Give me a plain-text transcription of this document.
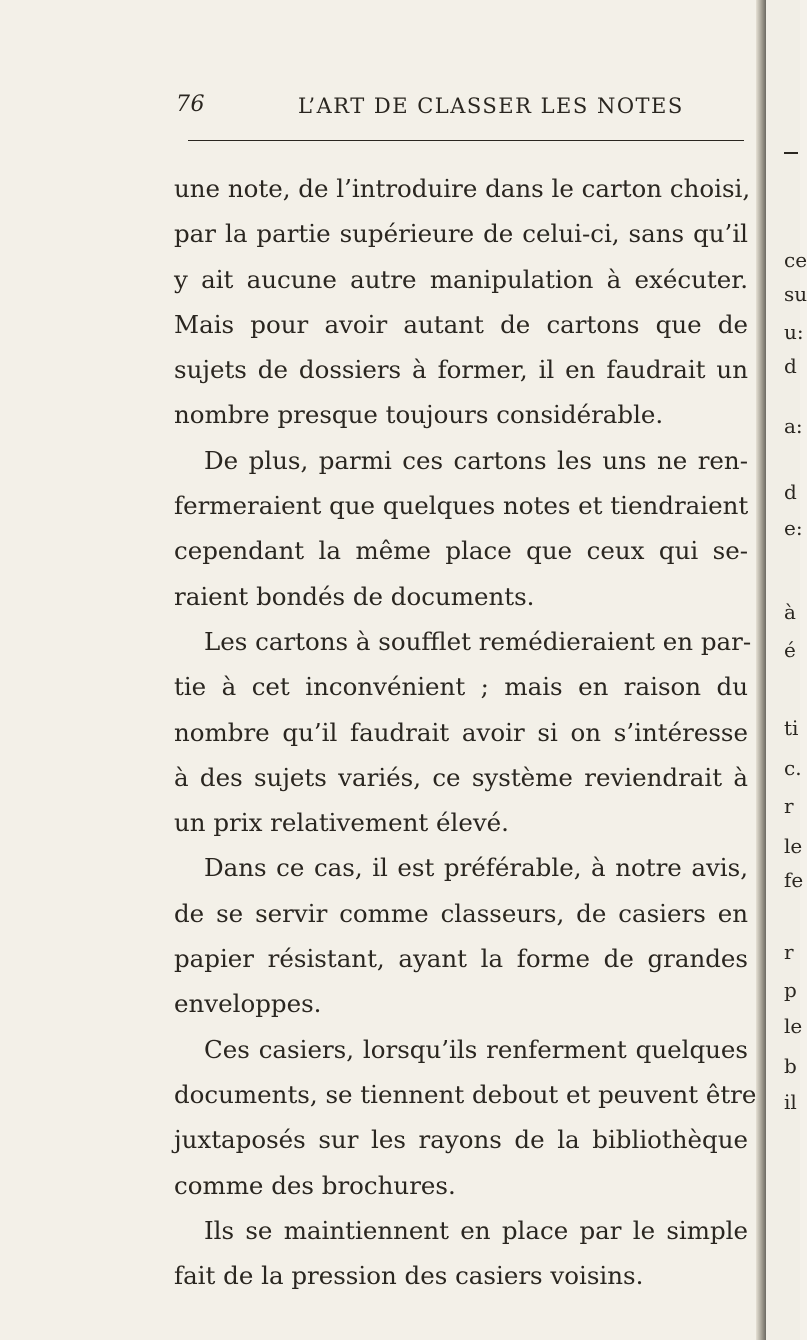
76	L’ART DE CLASSER LES NOTES
une note, de l’introduire dans le carton choisi,
par la partie supérieure de celui-ci, sans qu’il
y ait aucune autre manipulation à exécuter.
Mais pour avoir autant de cartons que de
sujets de dossiers à former, il en faudrait un
nombre presque toujours considérable.
De plus, parmi ces cartons les uns ne ren-
fermeraient que quelques notes et tiendraient
cependant la même place que ceux qui se-
raient bondés de documents.
Les cartons à soufflet remédieraient en par-
tie à cet inconvénient ; mais en raison du
nombre qu’il faudrait avoir si on s’intéresse
à des sujets variés, ce système reviendrait à
un prix relativement élevé.
Dans ce cas, il est préférable, à notre avis,
de se servir comme classeurs, de casiers en
papier résistant, ayant la forme de grandes
enveloppes.
Ces casiers, lorsqu’ils renferment quelques
documents, se tiennent debout et peuvent être
juxtaposés sur les rayons de la bibliothèque
comme des brochures.
Ils se maintiennent en place par le simple
fait de la pression des casiers voisins.
ce
su
u:
d
a:
d
e:
à
é
ti
c.
r
le
fe
r
p
le
b
il
